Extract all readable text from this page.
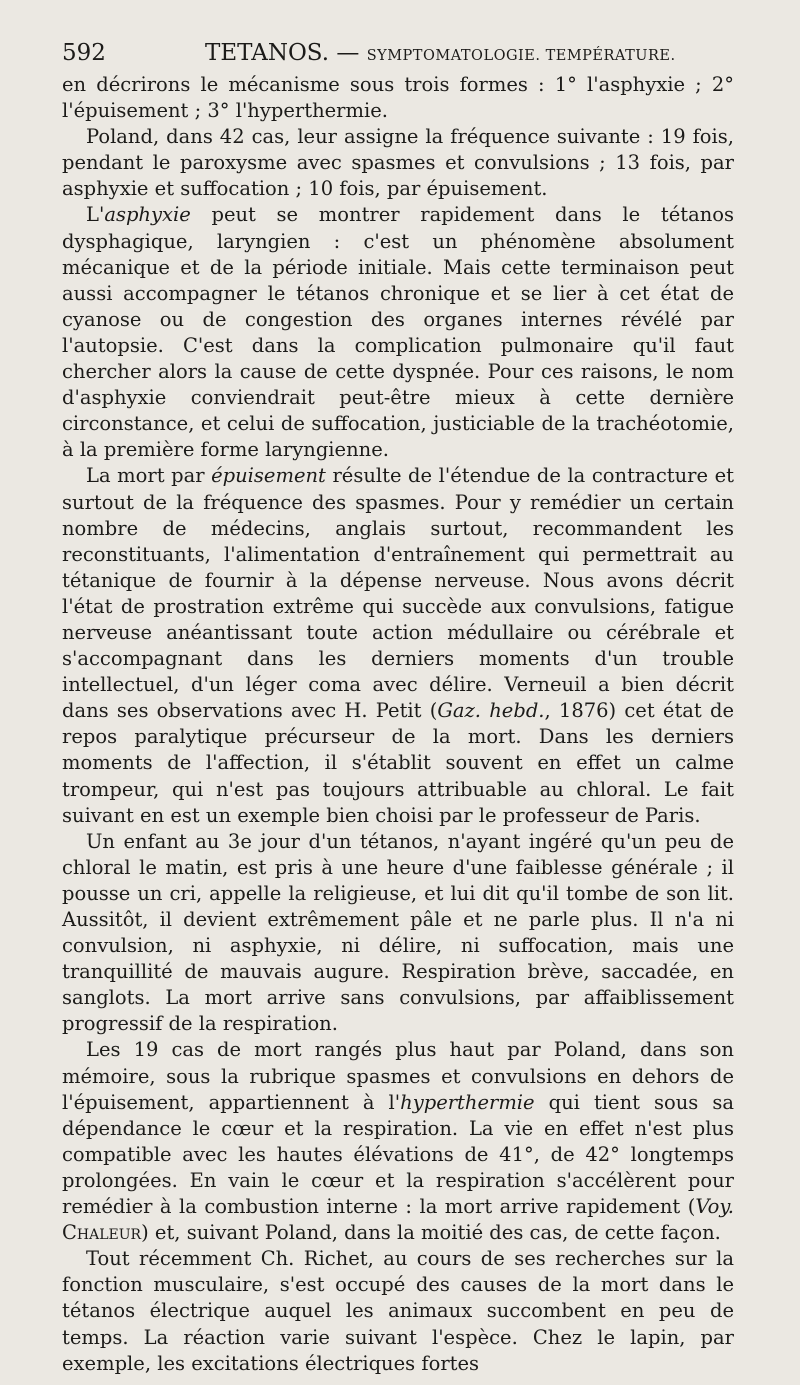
592	TETANOS. — SYMPTOMATOLOGIE. TEMPÉRATURE.

en décrirons le mécanisme sous trois formes : 1° l'asphyxie ; 2° l'épuisement ; 3° l'hyperthermie.

Poland, dans 42 cas, leur assigne la fréquence suivante : 19 fois, pendant le paroxysme avec spasmes et convulsions ; 13 fois, par asphyxie et suffocation ; 10 fois, par épuisement.

L'asphyxie peut se montrer rapidement dans le tétanos dysphagique, laryngien : c'est un phénomène absolument mécanique et de la période initiale. Mais cette terminaison peut aussi accompagner le tétanos chronique et se lier à cet état de cyanose ou de congestion des organes internes révélé par l'autopsie. C'est dans la complication pulmonaire qu'il faut chercher alors la cause de cette dyspnée. Pour ces raisons, le nom d'asphyxie conviendrait peut-être mieux à cette dernière circonstance, et celui de suffocation, justiciable de la trachéotomie, à la première forme laryngienne.

La mort par épuisement résulte de l'étendue de la contracture et surtout de la fréquence des spasmes. Pour y remédier un certain nombre de médecins, anglais surtout, recommandent les reconstituants, l'alimentation d'entraînement qui permettrait au tétanique de fournir à la dépense nerveuse. Nous avons décrit l'état de prostration extrême qui succède aux convulsions, fatigue nerveuse anéantissant toute action médullaire ou cérébrale et s'accompagnant dans les derniers moments d'un trouble intellectuel, d'un léger coma avec délire. Verneuil a bien décrit dans ses observations avec H. Petit (Gaz. hebd., 1876) cet état de repos paralytique précurseur de la mort. Dans les derniers moments de l'affection, il s'établit souvent en effet un calme trompeur, qui n'est pas toujours attribuable au chloral. Le fait suivant en est un exemple bien choisi par le professeur de Paris.

Un enfant au 3e jour d'un tétanos, n'ayant ingéré qu'un peu de chloral le matin, est pris à une heure d'une faiblesse générale ; il pousse un cri, appelle la religieuse, et lui dit qu'il tombe de son lit. Aussitôt, il devient extrêmement pâle et ne parle plus. Il n'a ni convulsion, ni asphyxie, ni délire, ni suffocation, mais une tranquillité de mauvais augure. Respiration brève, saccadée, en sanglots. La mort arrive sans convulsions, par affaiblissement progressif de la respiration.

Les 19 cas de mort rangés plus haut par Poland, dans son mémoire, sous la rubrique spasmes et convulsions en dehors de l'épuisement, appartiennent à l'hyperthermie qui tient sous sa dépendance le cœur et la respiration. La vie en effet n'est plus compatible avec les hautes élévations de 41°, de 42° longtemps prolongées. En vain le cœur et la respiration s'accélèrent pour remédier à la combustion interne : la mort arrive rapidement (Voy. Chaleur) et, suivant Poland, dans la moitié des cas, de cette façon.

Tout récemment Ch. Richet, au cours de ses recherches sur la fonction musculaire, s'est occupé des causes de la mort dans le tétanos électrique auquel les animaux succombent en peu de temps. La réaction varie suivant l'espèce. Chez le lapin, par exemple, les excitations électriques fortes
